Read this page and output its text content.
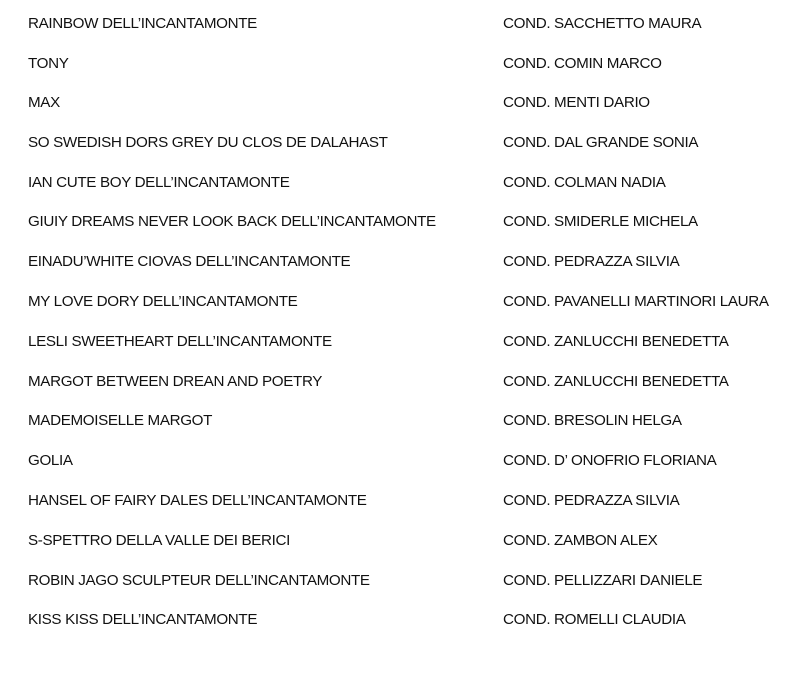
RAINBOW DELL’INCANTAMONTE	COND. SACCHETTO MAURA
TONY	COND. COMIN MARCO
MAX	COND. MENTI DARIO
SO SWEDISH DORS GREY DU CLOS DE DALAHAST	COND. DAL GRANDE SONIA
IAN CUTE BOY DELL’INCANTAMONTE	COND. COLMAN NADIA
GIUIY DREAMS NEVER LOOK BACK DELL’INCANTAMONTE	COND. SMIDERLE MICHELA
EINADU’WHITE CIOVAS DELL’INCANTAMONTE	COND. PEDRAZZA SILVIA
MY LOVE DORY DELL’INCANTAMONTE	COND. PAVANELLI MARTINORI LAURA
LESLI SWEETHEART DELL’INCANTAMONTE	COND. ZANLUCCHI BENEDETTA
MARGOT BETWEEN DREAN AND POETRY	COND. ZANLUCCHI BENEDETTA
MADEMOISELLE MARGOT	COND. BRESOLIN HELGA
GOLIA	COND. D’ ONOFRIO FLORIANA
HANSEL OF FAIRY DALES DELL’INCANTAMONTE	COND. PEDRAZZA SILVIA
S-SPETTRO DELLA VALLE DEI BERICI	COND. ZAMBON ALEX
ROBIN JAGO SCULPTEUR DELL’INCANTAMONTE	COND. PELLIZZARI DANIELE
KISS KISS DELL’INCANTAMONTE	COND. ROMELLI CLAUDIA
